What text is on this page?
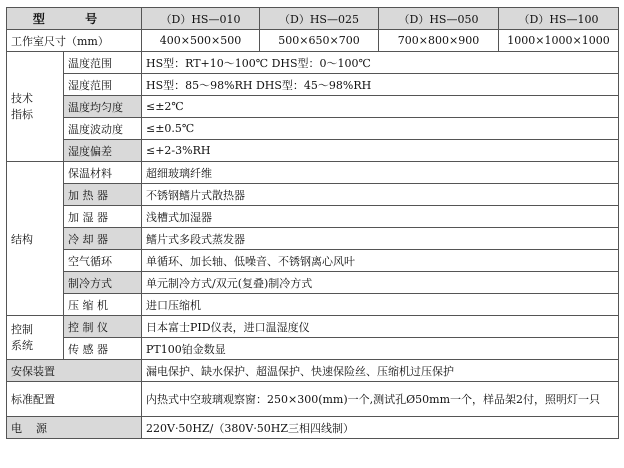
型 号		（D）HS—010	（D）HS—025	（D）HS—050	（D）HS—100
工作室尺寸（mm）		400×500×500	500×650×700	700×800×900	1000×1000×1000
技术
指标	温度范围	HS型：RT+10～100℃ DHS型：0～100℃			
	湿度范围	HS型：85～98%RH DHS型：45～98%RH			
	温度均匀度	≤±2℃			
	温度波动度	≤±0.5℃			
	湿度偏差	≤+2-3%RH			
结构	保温材料	超细玻璃纤维			
	加 热 器	不锈钢鳍片式散热器			
	加 湿 器	浅槽式加湿器			
	冷 却 器	鳍片式多段式蒸发器			
	空气循环	单循环、加长轴、低噪音、不锈钢离心风叶			
	制冷方式	单元制冷方式/双元(复叠)制冷方式			
	压 缩 机	进口压缩机			
控制
系统	控 制 仪	日本富士PID仪表，进口温湿度仪			
	传 感 器	PT100铂金数显			
安保装置		漏电保护、缺水保护、超温保护、快速保险丝、压缩机过压保护			
标准配置		内热式中空玻璃观察窗：250×300(mm)一个,测试孔Ø50mm一个，样品架2付，照明灯一只			
电    源		220V·50HZ/（380V·50HZ三相四线制）			
